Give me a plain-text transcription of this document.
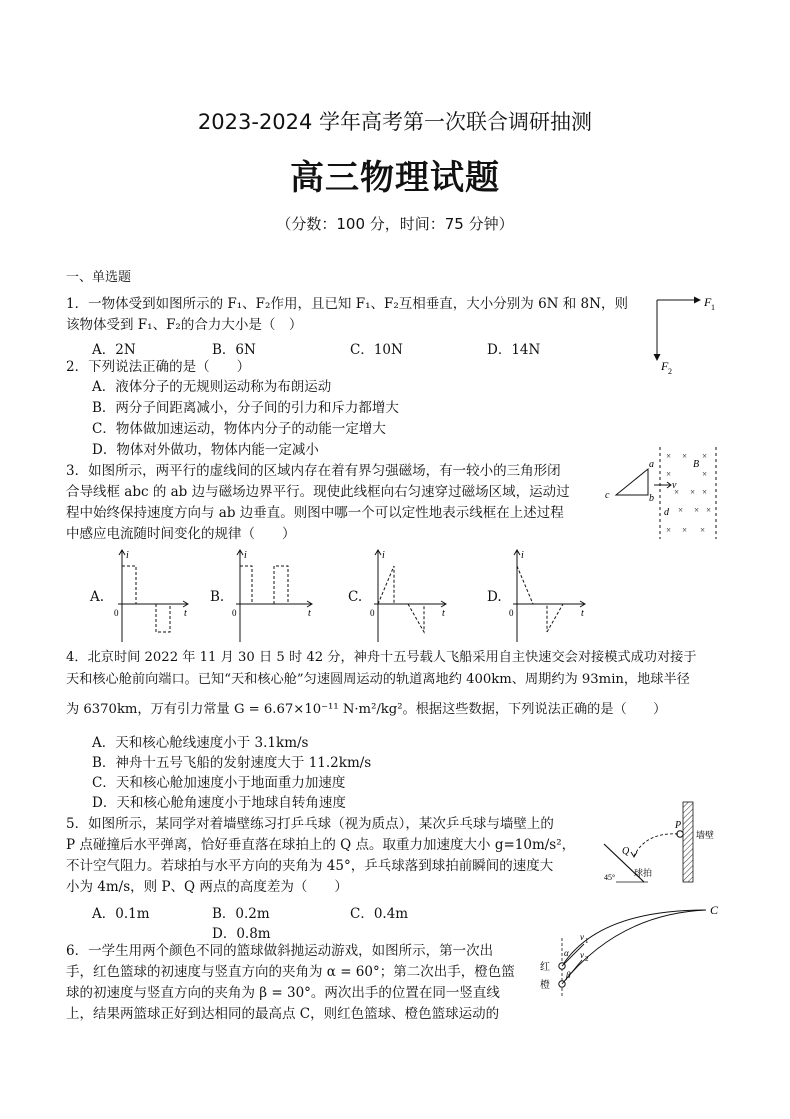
2023-2024 学年高考第一次联合调研抽测
高三物理试题
（分数：100 分，时间：75 分钟）
一、单选题
1．一物体受到如图所示的 F₁、F₂作用，且已知 F₁、F₂互相垂直，大小分别为 6N 和 8N，则
该物体受到 F₁、F₂的合力大小是（　）
A．2N	B．6N	C．10N	D．14N
F 1
F 2
2．下列说法正确的是（　　）
A．液体分子的无规则运动称为布朗运动
B．两分子间距离减小，分子间的引力和斥力都增大
C．物体做加速运动，物体内分子的动能一定增大
D．物体对外做功，物体内能一定减小
3．如图所示，两平行的虚线间的区域内存在着有界匀强磁场，有一较小的三角形闭
合导线框 abc 的 ab 边与磁场边界平行。现使此线框向右匀速穿过磁场区域，运动过
程中始终保持速度方向与 ab 边垂直。则图中哪一个可以定性地表示线框在上述过程
中感应电流随时间变化的规律（　　）
v
a
b
c
d
B
× × ×
×	×
× × ×
× × ×
× × ×
A.
i
0	t
B.
i
0	t
C.
i
0	t
D.
i
0	t
4．北京时间 2022 年 11 月 30 日 5 时 42 分，神舟十五号载人飞船采用自主快速交会对接模式成功对接于
天和核心舱前向端口。已知“天和核心舱”匀速圆周运动的轨道离地约 400km、周期约为 93min，地球半径
为 6370km，万有引力常量 G = 6.67×10⁻¹¹ N·m²/kg²。根据这些数据，下列说法正确的是（　　）
A．天和核心舱线速度小于 3.1km/s
B．神舟十五号飞船的发射速度大于 11.2km/s
C．天和核心舱加速度小于地面重力加速度
D．天和核心舱角速度小于地球自转角速度
5．如图所示，某同学对着墙壁练习打乒乓球（视为质点），某次乒乓球与墙壁上的
P 点碰撞后水平弹离，恰好垂直落在球拍上的 Q 点。取重力加速度大小 g=10m/s²，
不计空气阻力。若球拍与水平方向的夹角为 45°，乒乓球落到球拍前瞬间的速度大
小为 4m/s，则 P、Q 两点的高度差为（　　）
A．0.1m	B．0.2m	C．0.4m
D．0.8m
P
Q
墙壁
球拍
45°
6．一学生用两个颜色不同的篮球做斜抛运动游戏，如图所示，第一次出
手，红色篮球的初速度与竖直方向的夹角为 α = 60°；第二次出手，橙色篮
球的初速度与竖直方向的夹角为 β = 30°。两次出手的位置在同一竖直线
上，结果两篮球正好到达相同的最高点 C，则红色篮球、橙色篮球运动的
C
红
橙
α
β
v 1
v 2
